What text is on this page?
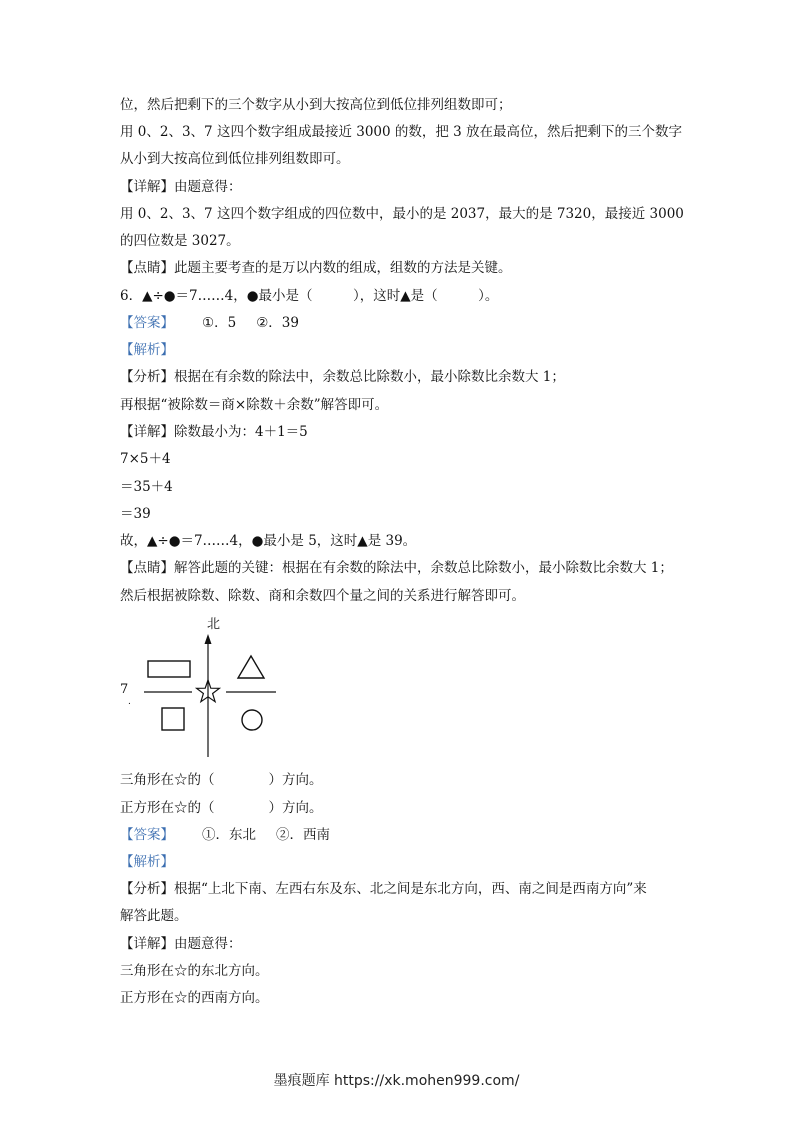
位，然后把剩下的三个数字从小到大按高位到低位排列组数即可；
用 0、2、3、7 这四个数字组成最接近 3000 的数，把 3 放在最高位，然后把剩下的三个数字
从小到大按高位到低位排列组数即可。
【详解】由题意得：
用 0、2、3、7 这四个数字组成的四位数中，最小的是 2037，最大的是 7320，最接近 3000
的四位数是 3027。
【点睛】此题主要考查的是万以内数的组成，组数的方法是关键。
6．▲÷●＝7……4，●最小是（　　　），这时▲是（　　　）。
【答案】 ①．5 ②．39
【解析】
【分析】根据在有余数的除法中，余数总比除数小，最小除数比余数大 1；
再根据“被除数＝商×除数＋余数”解答即可。
【详解】除数最小为：4＋1＝5
7×5＋4
＝35＋4
＝39
故，▲÷●＝7……4，●最小是 5，这时▲是 39。
【点睛】解答此题的关键：根据在有余数的除法中，余数总比除数小，最小除数比余数大 1；
然后根据被除数、除数、商和余数四个量之间的关系进行解答即可。
北
7
.
三角形在☆的（　　　　）方向。
正方形在☆的（　　　　）方向。
【答案】 ①．东北 ②．西南
【解析】
【分析】根据“上北下南、左西右东及东、北之间是东北方向，西、南之间是西南方向”来
解答此题。
【详解】由题意得：
三角形在☆的东北方向。
正方形在☆的西南方向。
墨痕题库 https://xk.mohen999.com/
